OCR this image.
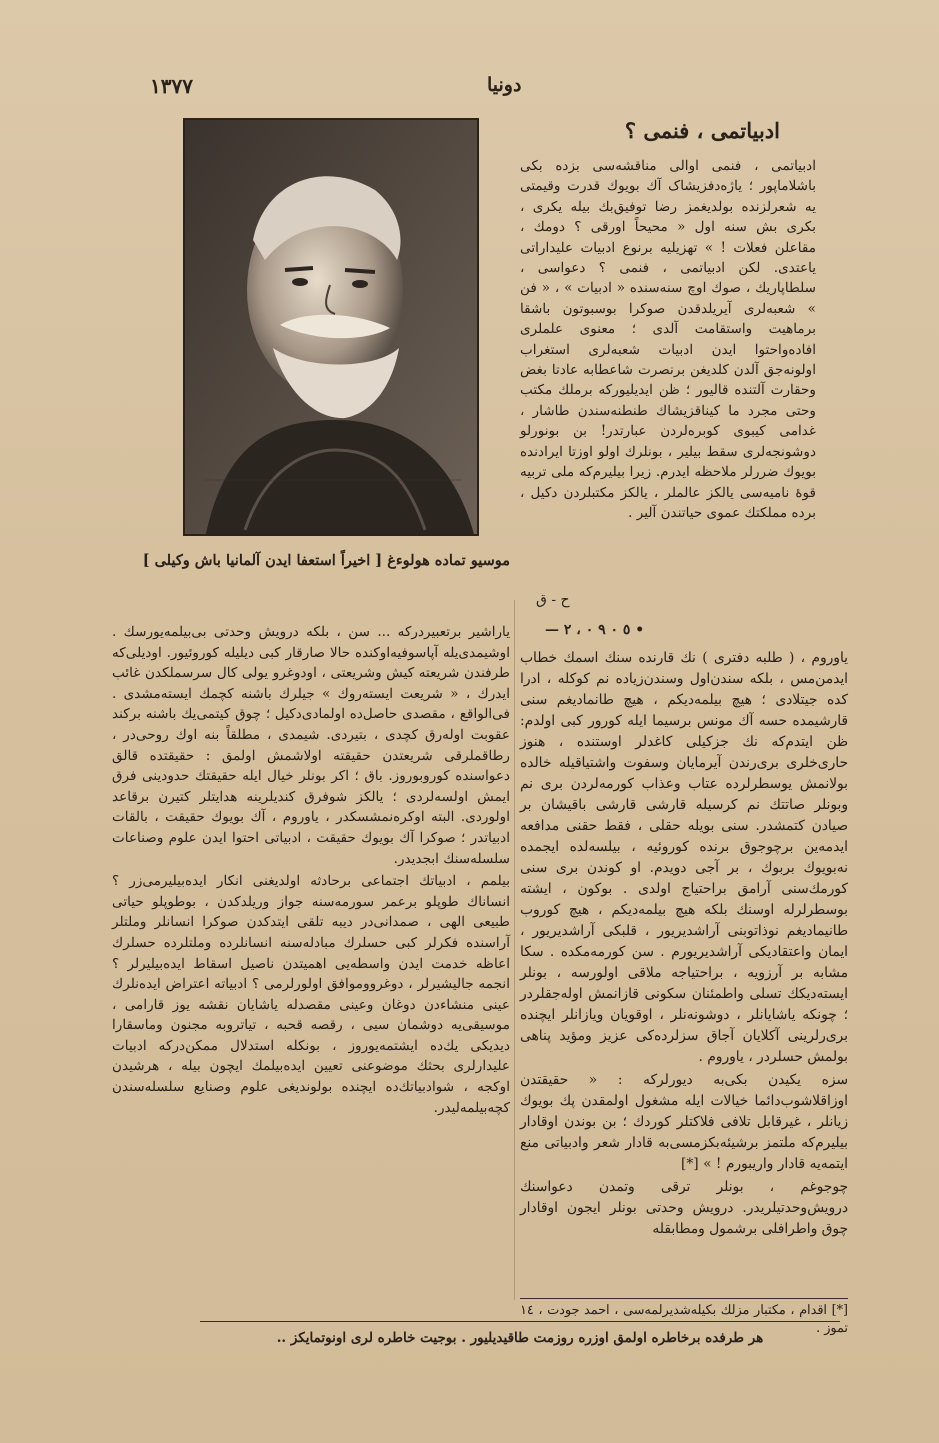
١٣٧٧	دونيا
موسیو تماده هولوءغ [ اخیراً استعفا ایدن آلمانیا باش وکیلی ]
ادبیاتمی ، فنمی ؟

ادبیاتمی ، فنمی اوالی مناقشه‌سی بزده بکی باشلاماپور ؛ یاژه‌دفزیشاک آك بویوك قدرت وقیمتی یه شعرلزنده بولدیغمز رضا توفیق‌بك بیله یکری ، بکری بش سنه اول « محیحاً اورقی ؟ دومك ، مقاعلن فعلات ! » تهزیلیه برنوع ادبیات علیداراتی یاعتدی. لکن ادبیاتمی ، فنمی ؟ دعواسی ، سلطاپاریك ، صوك اوچ سنه‌سنده « ادبیات » ، « فن » شعبه‌لری آیریلدقدن صوکرا بوسبوتون باشقا برماهیت واستقامت آلدی ؛ معنوی علملری افاده‌واحتوا ایدن ادبیات شعبه‌لری استغراب اولونه‌جق آلدن کلدیغن برنصرت شاعطابه عادتا بغض وحقارت آلتنده قالیور ؛ ظن ایدیلیورکه برملك مکتب وحتی مجرد ما کیناقزیشاك طنطنه‌سندن طاشار ، غدامی کیبوی کوبره‌لردن عبارتدر! بن بونورلو دوشونجه‌لری سقط بیلیر ، بونلرك اولو اوزتا ایرادنده بویوك ضررلر ملاحظه ایدرم. زیرا بیلیرم‌که ملی تربیه قوهٔ نامیه‌سی یالکز عالملر ، یالکز مکتبلردن دکیل ، برده مملکتك عموی حیاتندن آلیر .

ح - ق
• ٥ ٠ ٩ ٠ ، ٢ —

یاراشیر برتعبیردرکه ... سن ، بلکه درویش وحدتی بی‌بیلمه‌یورسك . اوشیمدی‌یله آپاسوفیه‌اوکنده حالا صارقار کبی دیلیله کوروئیور. اودیلی‌که طرفندن شریعته کیش وشریعتی ، اودوغرو یولی کال سرسملکدن غائب ایدرك ، « شریعت ایسته‌روك » جیلرك باشنه کچمك ایسته‌مشدی . فی‌الواقع ، مقصدی حاصل‌ده اولمادی‌دکیل ؛ چوق کیتمی‌یك باشنه برکند عقوبت اوله‌رق کچدی ، بتیردی. شیمدی ، مطلقاً بنه اوك روحی‌در ، رطاقملرقی شریعتدن حقیقته اولاشمش اولمق : حقیقتده قالق دعواسنده کوروبوروز. باق ؛ اکر بونلر خیال ایله حقیقتك حدودینی فرق ایمش اولسه‌لردی ؛ یالکز شوفرق کندیلرینه هدایتلر کتیرن برقاعد اولوردی. البته اوکره‌نمشسکدر ، یاوروم ، آك بویوك حقیقت ، بالقات ادبیاتدر ؛ صوکرا آك بویوك حقیقت ، ادبیاتی احتوا ایدن علوم وصناعات سلسله‌سنك ابجدیدر.

بیلمم ، ادبیاتك اجتماعی برحادثه اولدیغنی انکار ایده‌بیلیرمی‌زر ؟ انساناك طوپلو برعمر سورمه‌سنه جواز وریلدکدن ، بوطوپلو حیاتی طبیعی الهی ، صمدانی‌در دیبه تلقی ایتدکدن صوکرا انسانلر وملتلر آراسنده فکرلر کبی حسلرك مبادله‌سنه انسانلرده وملتلرده حسلرك اعاظه خدمت ایدن واسطه‌یی اهمیتدن ناصیل اسقاط ایده‌بیلیرلر ؟ انجمه جالیشیرلر ، دوغرووموافق اولورلرمی ؟ ادبیاته اعتراض ایده‌نلرك عینی منشاءدن دوغان وعینی مقصدله یاشایان نقشه یوز قارامی ، موسیقی‌یه دوشمان سیی ، رقصه قحبه ، تیاتروبه مجنون وماسقارا دیدیکی یك‌ده ایشتمه‌یوروز ، بونکله استدلال ممکن‌درکه ادبیات علیدارلری بحثك موضوعنی تعیین ایده‌بیلمك ایچون بیله ، هرشیدن اوکجه ، شوادبیاتك‌ده ایچنده بولوندیغی علوم وصنایع سلسله‌سندن کچه‌بیلمه‌لیدر.

یاوروم ، ( طلبه دفتری ) نك قارنده سنك اسمك خطاب ایدمن‌مس ، بلکه سندن‌اول وسندن‌زیاده نم کوکله ، ادرا کده جیتلادی ؛ هیچ بیلمه‌دیکم ، هیچ طانمادیغم سنی قارشیمده حسه آك مونس برسیما ایله کورور کبی اولدم: ظن ایتدم‌که نك جزکیلی کاغدلر اوستنده ، هنوز حاری‌خلری بری‌رندن آیرمایان وسفوت واشتیاقیله خالده بولانمش یوسطرلرده عتاب وعذاب کورمه‌لردن بری نم وبونلر صاتتك نم کرسیله قارشی قارشی باقیشان بر صیادن کتمشدر. سنی بویله حقلی ، فقط حقنی مدافعه ایدمه‌ین برچوجوق برنده کوروئیه ، بیلسه‌لده ایجمده نه‌بویوك بربوك ، بر آجی دویدم. او کوندن بری سنی کورمك‌سنی آرامق براحتیاج اولدی . بوکون ، ایشته بوسطرلرله اوسنك بلکه هیچ بیلمه‌دیکم ، هیچ کوروب طانیمادیغم نوذاتوبنی آراشدیریور ، قلبکی آراشدیریور ، ایمان واعتقادیکی آراشدیریورم . سن کورمه‌مکده . سکا مشابه بر آرزویه ، براحتیاجه ملاقی اولورسه ، بونلر ایسته‌دیکك تسلی واطمئنان سکونی قازانمش اوله‌جقلردر ؛ چونکه یاشایانلر ، دوشونه‌نلر ، اوقویان ویازانلر ایچنده بری‌رلرینی آکلایان آجاق سزلرده‌کی عزیز ومؤید پناهی بولمش حسلردر ، یاوروم .

سزه یکیدن بکی‌به دیورلرکه : « حقیقتدن اوزاقلاشوب‌دائما خیالات ایله مشغول اولمقدن پك بویوك زیانلر ، غیرقابل تلافی فلاکتلر کوردك ؛ بن بوندن اوقادار بیلیرم‌که ملتمز برشیئه‌بکزمسی‌به قادار شعر وادبیاتی منع ایتمه‌یه قادار واریبورم ! » [*]

چوجوغم ، بونلر ترقی وتمدن دعواسنك درویش‌وحدتیلریدر. درویش وحدتی بونلر ایجون اوقادار چوق واطرافلی برشمول ومطابقله

[*] اقدام ، مکتبار مزلك بکیله‌شدیرلمه‌سی ، احمد جودت ، ١٤ تموز .
هر طرفده برخاطره اولمق اوزره روزمت طاقیدیلیور . بوجیت خاطره لری اونوتمایکز ..
